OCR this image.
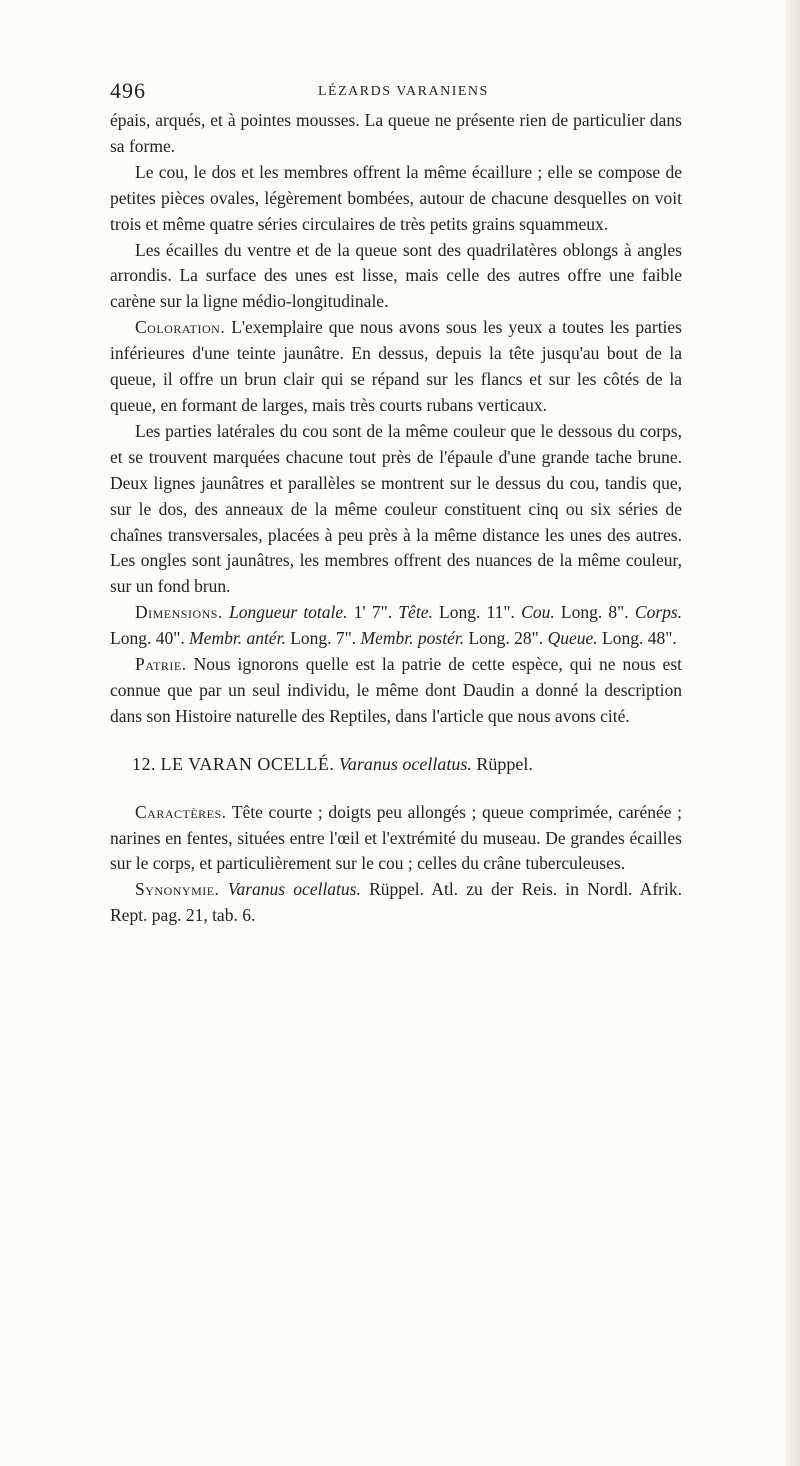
496	LÉZARDS VARANIENS

épais, arqués, et à pointes mousses. La queue ne présente rien de particulier dans sa forme.

Le cou, le dos et les membres offrent la même écaillure ; elle se compose de petites pièces ovales, légèrement bombées, autour de chacune desquelles on voit trois et même quatre séries circulaires de très petits grains squammeux.

Les écailles du ventre et de la queue sont des quadrilatères oblongs à angles arrondis. La surface des unes est lisse, mais celle des autres offre une faible carène sur la ligne médio-longitudinale.

Coloration. L'exemplaire que nous avons sous les yeux a toutes les parties inférieures d'une teinte jaunâtre. En dessus, depuis la tête jusqu'au bout de la queue, il offre un brun clair qui se répand sur les flancs et sur les côtés de la queue, en formant de larges, mais très courts rubans verticaux.

Les parties latérales du cou sont de la même couleur que le dessous du corps, et se trouvent marquées chacune tout près de l'épaule d'une grande tache brune. Deux lignes jaunâtres et parallèles se montrent sur le dessus du cou, tandis que, sur le dos, des anneaux de la même couleur constituent cinq ou six séries de chaînes transversales, placées à peu près à la même distance les unes des autres. Les ongles sont jaunâtres, les membres offrent des nuances de la même couleur, sur un fond brun.

Dimensions. Longueur totale. 1' 7". Tête. Long. 11". Cou. Long. 8". Corps. Long. 40". Membr. antér. Long. 7". Membr. postér. Long. 28". Queue. Long. 48".

Patrie. Nous ignorons quelle est la patrie de cette espèce, qui ne nous est connue que par un seul individu, le même dont Daudin a donné la description dans son Histoire naturelle des Reptiles, dans l'article que nous avons cité.

12. LE VARAN OCELLÉ. Varanus ocellatus. Rüppel.

Caractères. Tête courte ; doigts peu allongés ; queue comprimée, carénée ; narines en fentes, situées entre l'œil et l'extrémité du museau. De grandes écailles sur le corps, et particulièrement sur le cou ; celles du crâne tuberculeuses.

Synonymie. Varanus ocellatus. Rüppel. Atl. zu der Reis. in Nordl. Afrik. Rept. pag. 21, tab. 6.
